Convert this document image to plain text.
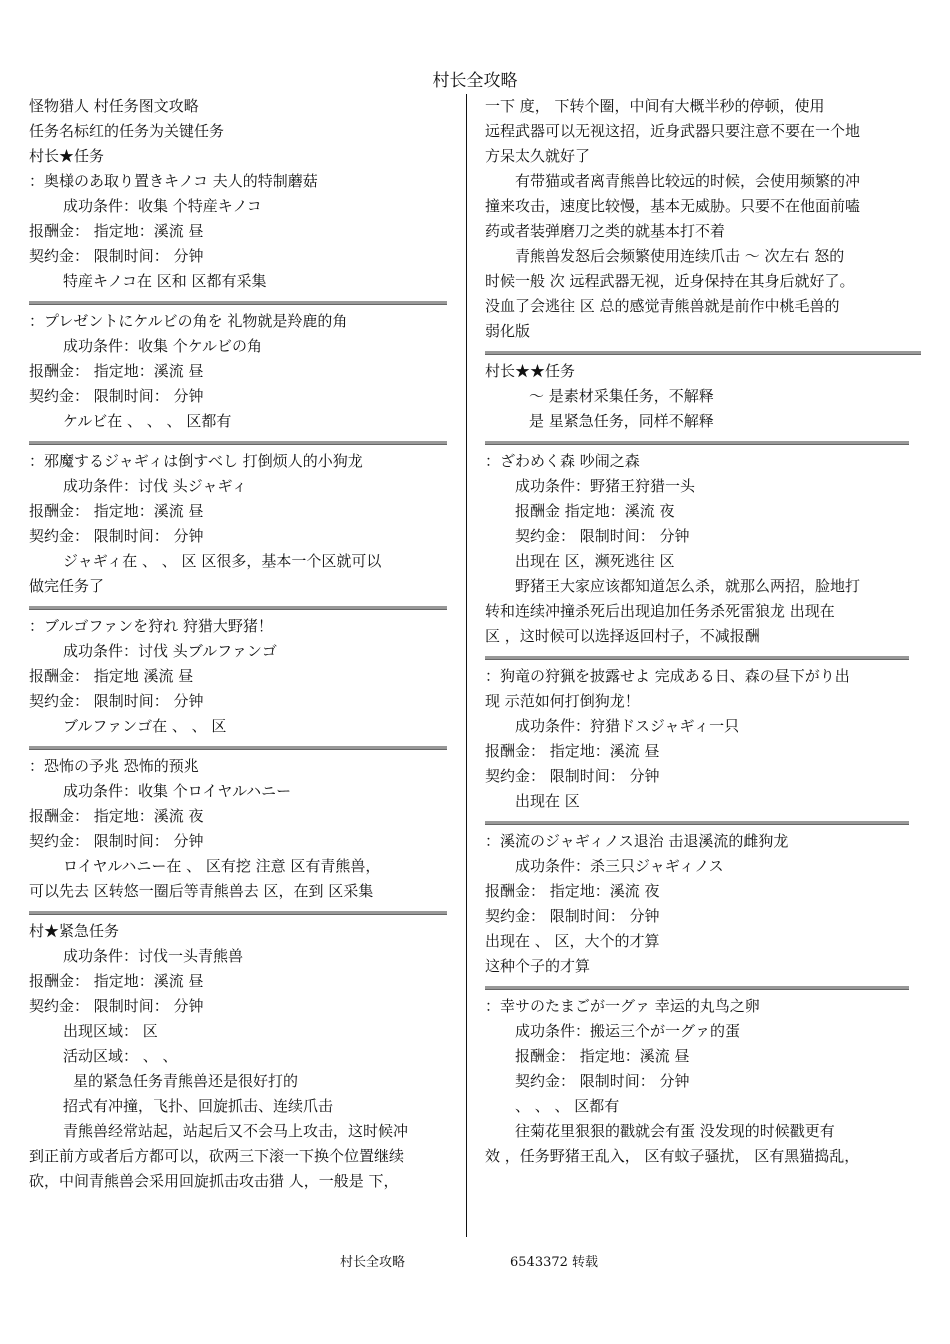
村长全攻略
怪物猎人 村任务图文攻略
任务名标红的任务为关键任务
村长★任务
：奥様のあ取り置きキノコ 夫人的特制蘑菇
成功条件：收集 个特産キノコ
报酬金： 指定地：溪流 昼
契约金： 限制时间： 分钟
特産キノコ在 区和 区都有采集
：プレゼントにケルビの角を 礼物就是羚鹿的角
成功条件：收集 个ケルビの角
报酬金： 指定地：溪流 昼
契约金： 限制时间： 分钟
ケルビ在 、 、 、 区都有
：邪魔するジャギィは倒すべし 打倒烦人的小狗龙
成功条件：讨伐 头ジャギィ
报酬金： 指定地：溪流 昼
契约金： 限制时间： 分钟
ジャギィ在 、 、 区 区很多，基本一个区就可以
做完任务了
：ブルゴファンを狩れ 狩猎大野猪！
成功条件：讨伐 头ブルファンゴ
报酬金： 指定地 溪流 昼
契约金： 限制时间： 分钟
ブルファンゴ在 、 、 区
：恐怖の予兆 恐怖的预兆
成功条件：收集 个ロイヤルハニー
报酬金： 指定地：溪流 夜
契约金： 限制时间： 分钟
ロイヤルハニー在 、 区有挖 注意 区有青熊兽，
可以先去 区转悠一圈后等青熊兽去 区，在到 区采集
村★紧急任务
成功条件：讨伐一头青熊兽
报酬金： 指定地：溪流 昼
契约金： 限制时间： 分钟
出现区域： 区
活动区域： 、 、
星的紧急任务青熊兽还是很好打的
招式有冲撞，飞扑、回旋抓击、连续爪击
青熊兽经常站起，站起后又不会马上攻击，这时候冲
到正前方或者后方都可以，砍两三下滚一下换个位置继续
砍，中间青熊兽会采用回旋抓击攻击猎 人，一般是 下，
一下 度， 下转个圈，中间有大概半秒的停顿，使用
远程武器可以无视这招，近身武器只要注意不要在一个地
方呆太久就好了
有带猫或者离青熊兽比较远的时候，会使用频繁的冲
撞来攻击，速度比较慢，基本无威胁。只要不在他面前嗑
药或者装弹磨刀之类的就基本打不着
青熊兽发怒后会频繁使用连续爪击 ～ 次左右 怒的
时候一般 次 远程武器无视，近身保持在其身后就好了。
没血了会逃往 区 总的感觉青熊兽就是前作中桃毛兽的
弱化版
村长★★任务
～ 是素材采集任务，不解释
是 星紧急任务，同样不解释
：ざわめく森 吵闹之森
成功条件：野猪王狩猎一头
报酬金 指定地：溪流 夜
契约金： 限制时间： 分钟
出现在 区，濒死逃往 区
野猪王大家应该都知道怎么杀，就那么两招，脸地打
转和连续冲撞杀死后出现追加任务杀死雷狼龙 出现在
区 ，这时候可以选择返回村子，不减报酬
：狗竜の狩猟を披露せよ 完成ある日、森の昼下がり出
现 示范如何打倒狗龙！
成功条件：狩猎ドスジャギィ一只
报酬金： 指定地：溪流 昼
契约金： 限制时间： 分钟
出现在 区
：溪流のジャギィノス退治 击退溪流的雌狗龙
成功条件：杀三只ジャギィノス
报酬金： 指定地：溪流 夜
契约金： 限制时间： 分钟
出现在 、 区，大个的才算
这种个子的才算
：幸サのたまごが一グァ 幸运的丸鸟之卵
成功条件：搬运三个が一グァ的蛋
报酬金： 指定地：溪流 昼
契约金： 限制时间： 分钟
、 、 、 区都有
往菊花里狠狠的戳就会有蛋 没发现的时候戳更有
效 ，任务野猪王乱入， 区有蚊子骚扰， 区有黑猫捣乱，
村长全攻略	6543372 转载
